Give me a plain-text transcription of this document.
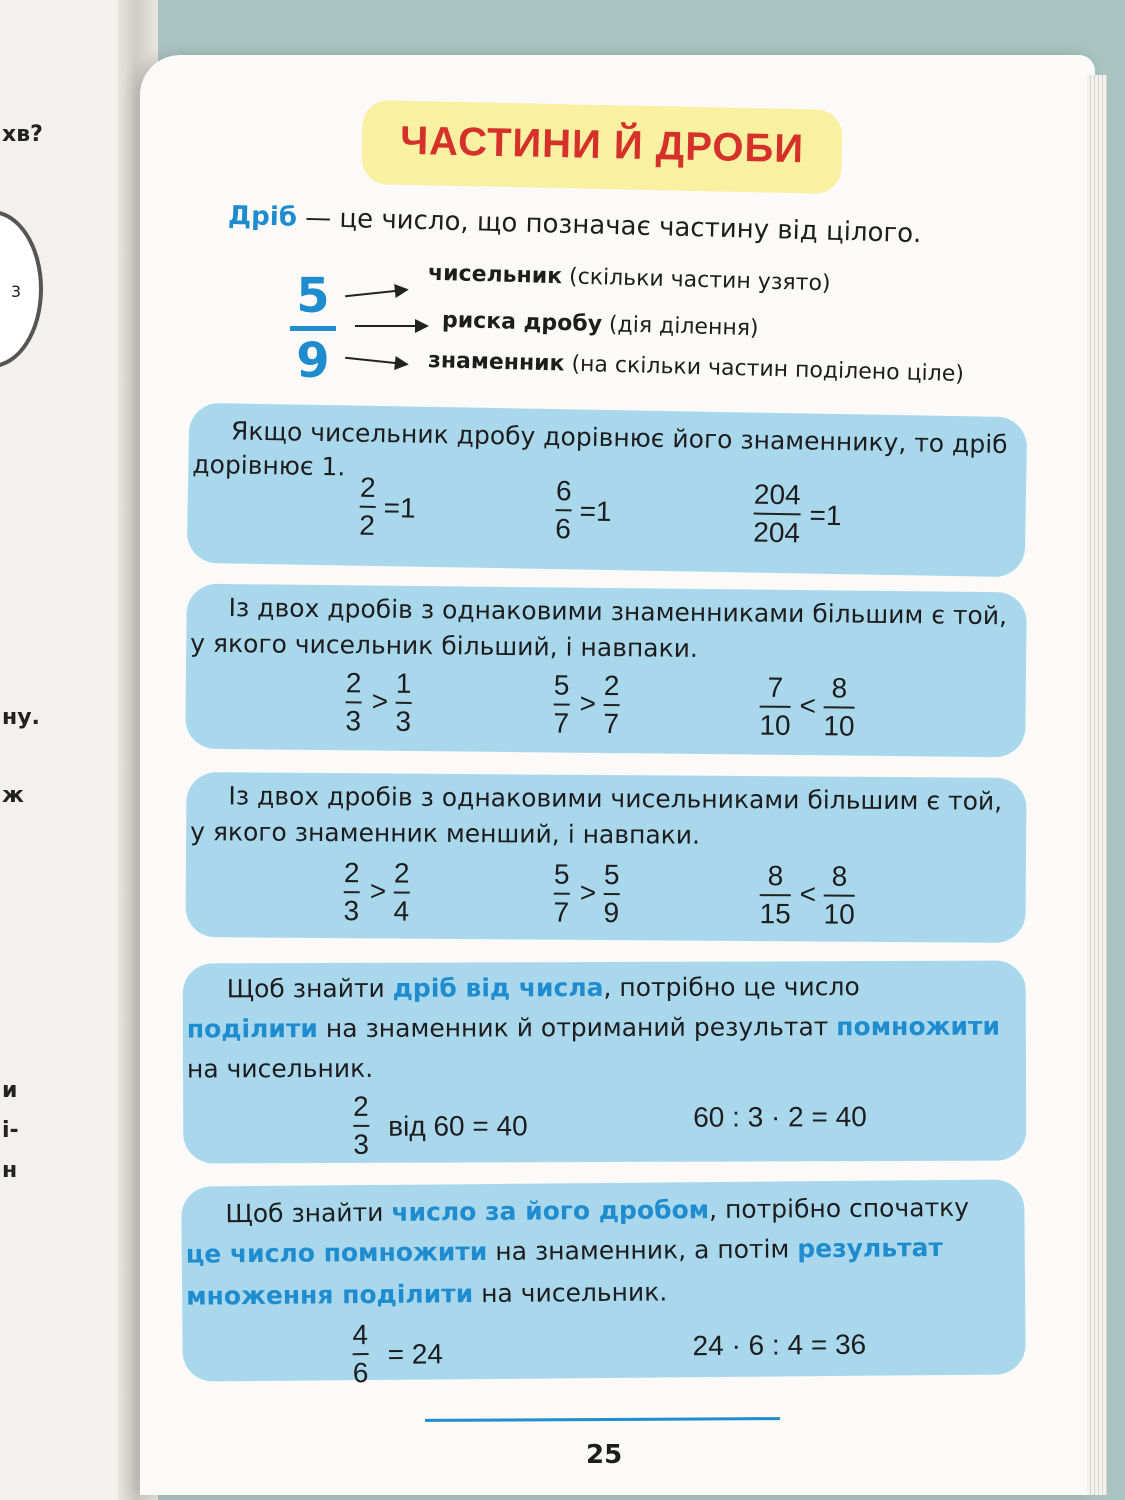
хв?
3
ну.
ж
и
і-
н
ЧАСТИНИ Й ДРОБИ
Дріб — це число, що позначає частину від цілого.
5
9
чисельник (скільки частин узято)
риска дробу (дія ділення)
знаменник (на скільки частин поділено ціле)
Якщо чисельник дробу дорівнює його знаменнику, то дріб
дорівнює 1.
2
2
=1
6
6
=1
204
204
=1
Із двох дробів з однаковими знаменниками більшим є той,
у якого чисельник більший, і навпаки.
2
3
>
1
3
5
7
>
2
7
7
10
<
8
10
Із двох дробів з однаковими чисельниками більшим є той,
у якого знаменник менший, і навпаки.
2
3
>
2
4
5
7
>
5
9
8
15
<
8
10
Щоб знайти дріб від числа, потрібно це число
поділити на знаменник й отриманий результат помножити
на чисельник.
2
3
від 60 = 40	60 : 3 · 2 = 40
Щоб знайти число за його дробом, потрібно спочатку
це число помножити на знаменник, а потім результат
множення поділити на чисельник.
4
6
= 24	24 · 6 : 4 = 36
25
